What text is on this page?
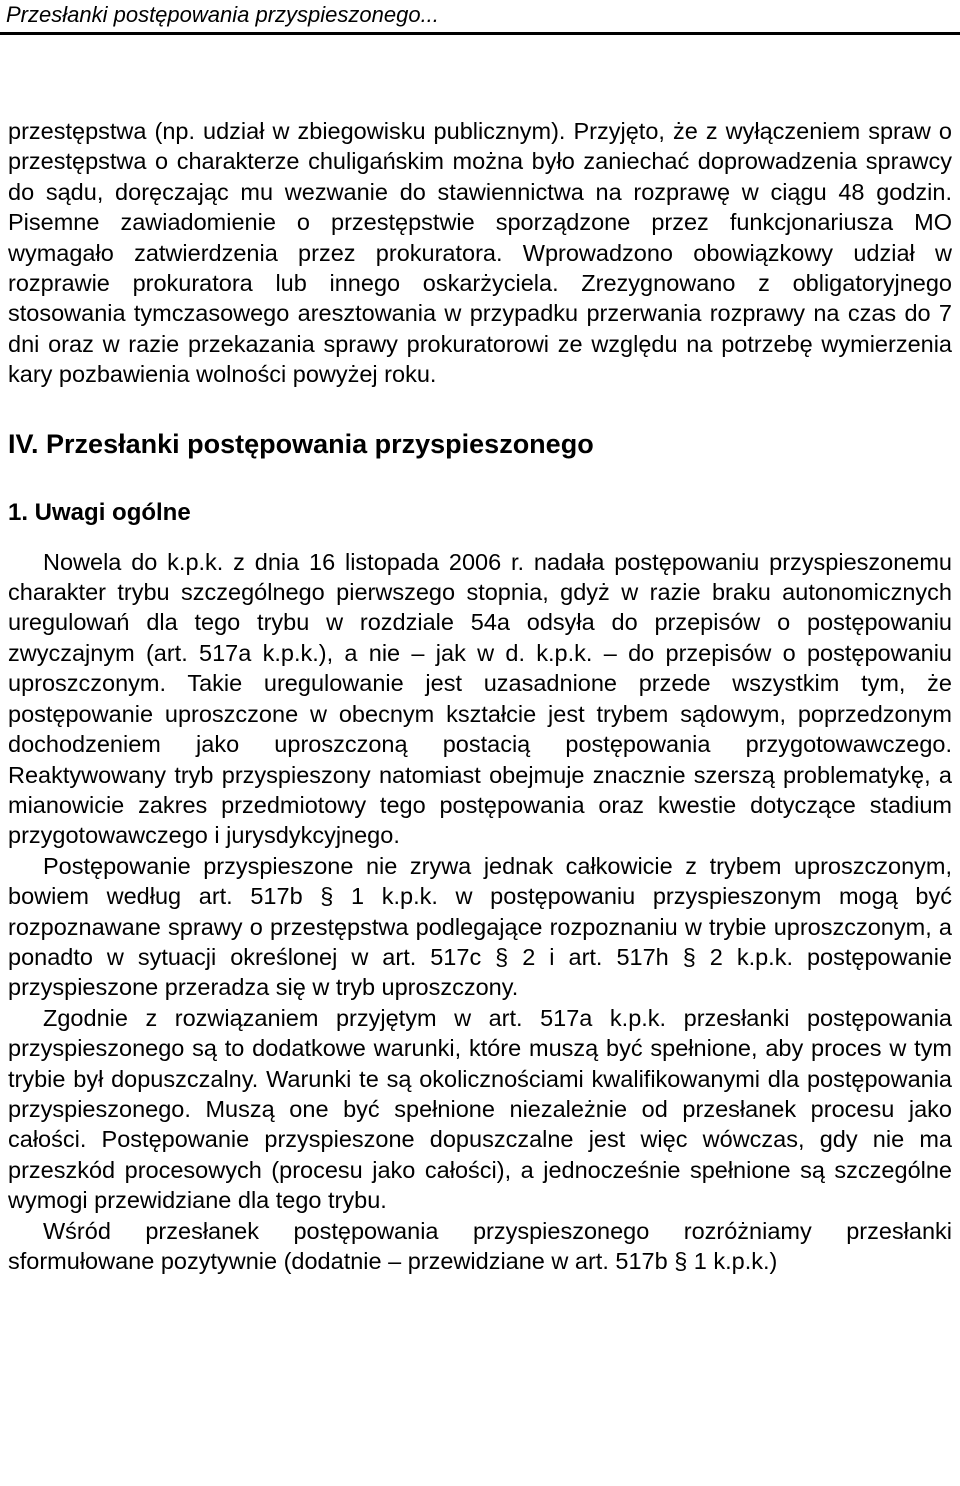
Przesłanki postępowania przyspieszonego...

przestępstwa (np. udział w zbiegowisku publicznym). Przyjęto, że z wyłączeniem spraw o przestępstwa o charakterze chuligańskim można było zaniechać doprowadzenia sprawcy do sądu, doręczając mu wezwanie do stawiennictwa na rozprawę w ciągu 48 godzin. Pisemne zawiadomienie o przestępstwie sporządzone przez funkcjonariusza MO wymagało zatwierdzenia przez prokuratora. Wprowadzono obowiązkowy udział w rozprawie prokuratora lub innego oskarżyciela. Zrezygnowano z obligatoryjnego stosowania tymczasowego aresztowania w przypadku przerwania rozprawy na czas do 7 dni oraz w razie przekazania sprawy prokuratorowi ze względu na potrzebę wymierzenia kary pozbawienia wolności powyżej roku.

IV. Przesłanki postępowania przyspieszonego
1. Uwagi ogólne

Nowela do k.p.k. z dnia 16 listopada 2006 r. nadała postępowaniu przyspieszonemu charakter trybu szczególnego pierwszego stopnia, gdyż w razie braku autonomicznych uregulowań dla tego trybu w rozdziale 54a odsyła do przepisów o postępowaniu zwyczajnym (art. 517a k.p.k.), a nie – jak w d. k.p.k. – do przepisów o postępowaniu uproszczonym. Takie uregulowanie jest uzasadnione przede wszystkim tym, że postępowanie uproszczone w obecnym kształcie jest trybem sądowym, poprzedzonym dochodzeniem jako uproszczoną postacią postępowania przygotowawczego. Reaktywowany tryb przyspieszony natomiast obejmuje znacznie szerszą problematykę, a mianowicie zakres przedmiotowy tego postępowania oraz kwestie dotyczące stadium przygotowawczego i jurysdykcyjnego.

Postępowanie przyspieszone nie zrywa jednak całkowicie z trybem uproszczonym, bowiem według art. 517b § 1 k.p.k. w postępowaniu przyspieszonym mogą być rozpoznawane sprawy o przestępstwa podlegające rozpoznaniu w trybie uproszczonym, a ponadto w sytuacji określonej w art. 517c § 2 i art. 517h § 2 k.p.k. postępowanie przyspieszone przeradza się w tryb uproszczony.

Zgodnie z rozwiązaniem przyjętym w art. 517a k.p.k. przesłanki postępowania przyspieszonego są to dodatkowe warunki, które muszą być spełnione, aby proces w tym trybie był dopuszczalny. Warunki te są okolicznościami kwalifikowanymi dla postępowania przyspieszonego. Muszą one być spełnione niezależnie od przesłanek procesu jako całości. Postępowanie przyspieszone dopuszczalne jest więc wówczas, gdy nie ma przeszkód procesowych (procesu jako całości), a jednocześnie spełnione są szczególne wymogi przewidziane dla tego trybu.

Wśród przesłanek postępowania przyspieszonego rozróżniamy przesłanki sformułowane pozytywnie (dodatnie – przewidziane w art. 517b § 1 k.p.k.)
